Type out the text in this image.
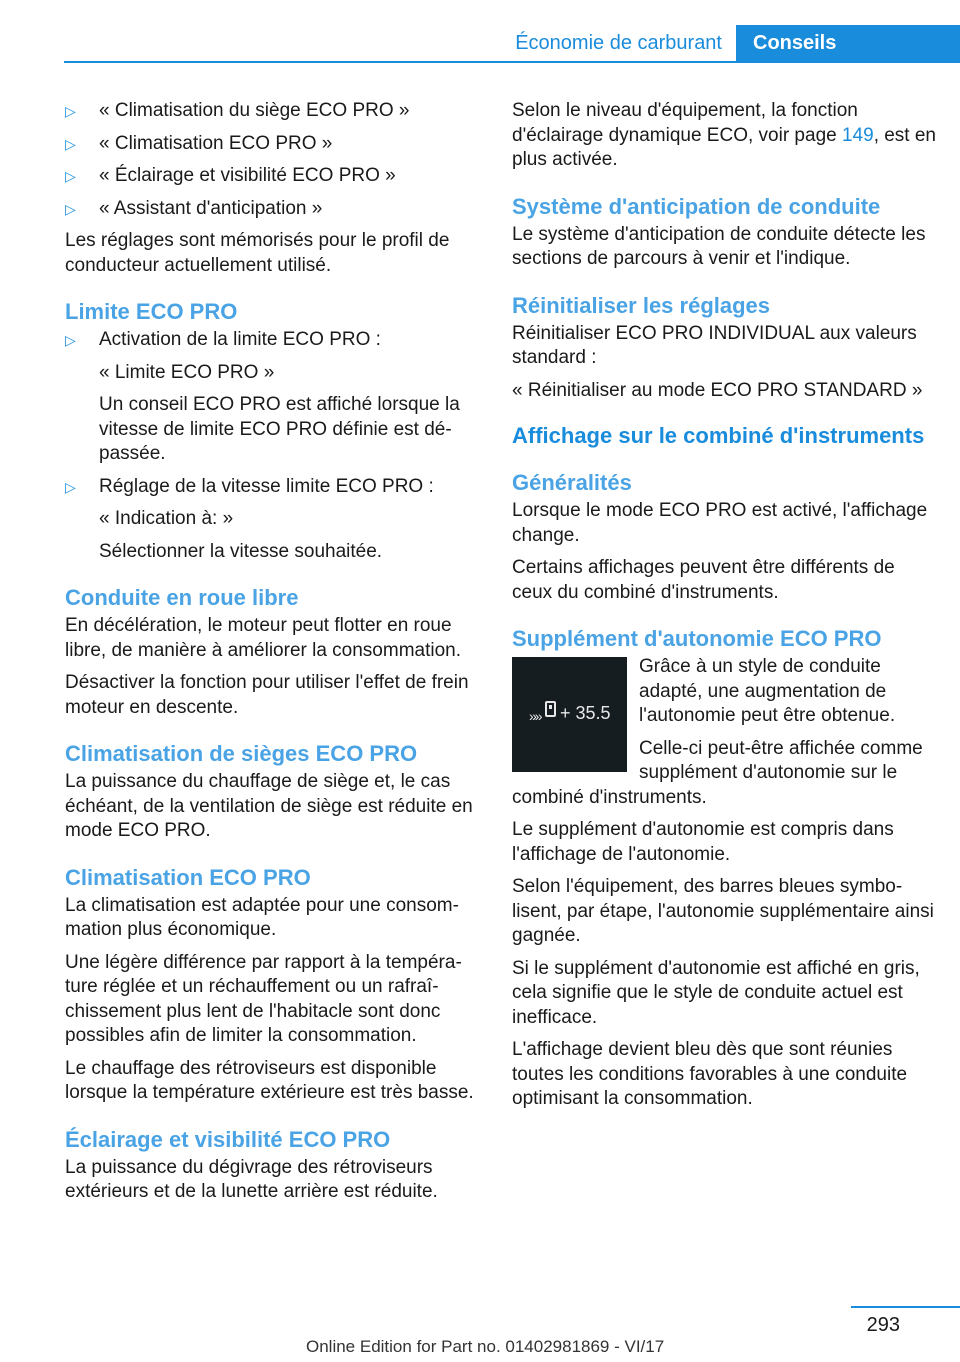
Économie de carburant	Conseils
▷ « Climatisation du siège ECO PRO »
▷ « Climatisation ECO PRO »
▷ « Éclairage et visibilité ECO PRO »
▷ « Assistant d'anticipation »

Les réglages sont mémorisés pour le profil de conducteur actuellement utilisé.

Limite ECO PRO
▷ Activation de la limite ECO PRO :
« Limite ECO PRO »
Un conseil ECO PRO est affiché lorsque la vitesse de limite ECO PRO définie est dépassée.
▷ Réglage de la vitesse limite ECO PRO :
« Indication à: »
Sélectionner la vitesse souhaitée.
Conduite en roue libre

En décélération, le moteur peut flotter en roue libre, de manière à améliorer la consommation.

Désactiver la fonction pour utiliser l'effet de frein moteur en descente.

Climatisation de sièges ECO PRO

La puissance du chauffage de siège et, le cas échéant, de la ventilation de siège est réduite en mode ECO PRO.

Climatisation ECO PRO

La climatisation est adaptée pour une consommation plus économique.

Une légère différence par rapport à la température réglée et un réchauffement ou un rafraîchissement plus lent de l'habitacle sont donc possibles afin de limiter la consommation.

Le chauffage des rétroviseurs est disponible lorsque la température extérieure est très basse.

Éclairage et visibilité ECO PRO

La puissance du dégivrage des rétroviseurs extérieurs et de la lunette arrière est réduite.

Selon le niveau d'équipement, la fonction d'éclairage dynamique ECO, voir page 149, est en plus activée.

Système d'anticipation de conduite

Le système d'anticipation de conduite détecte les sections de parcours à venir et l'indique.

Réinitialiser les réglages

Réinitialiser ECO PRO INDIVIDUAL aux valeurs standard :

« Réinitialiser au mode ECO PRO STANDARD »

Affichage sur le combiné d'instruments
Généralités

Lorsque le mode ECO PRO est activé, l'affichage change.

Certains affichages peuvent être différents de ceux du combiné d'instruments.

Supplément d'autonomie ECO PRO
»» + 35.5

Grâce à un style de conduite adapté, une augmentation de l'autonomie peut être obtenue.

Celle-ci peut-être affichée comme supplément d'autonomie sur le combiné d'instruments.

Le supplément d'autonomie est compris dans l'affichage de l'autonomie.

Selon l'équipement, des barres bleues symbolisent, par étape, l'autonomie supplémentaire ainsi gagnée.

Si le supplément d'autonomie est affiché en gris, cela signifie que le style de conduite actuel est inefficace.

L'affichage devient bleu dès que sont réunies toutes les conditions favorables à une conduite optimisant la consommation.

293
Online Edition for Part no. 01402981869 - VI/17
